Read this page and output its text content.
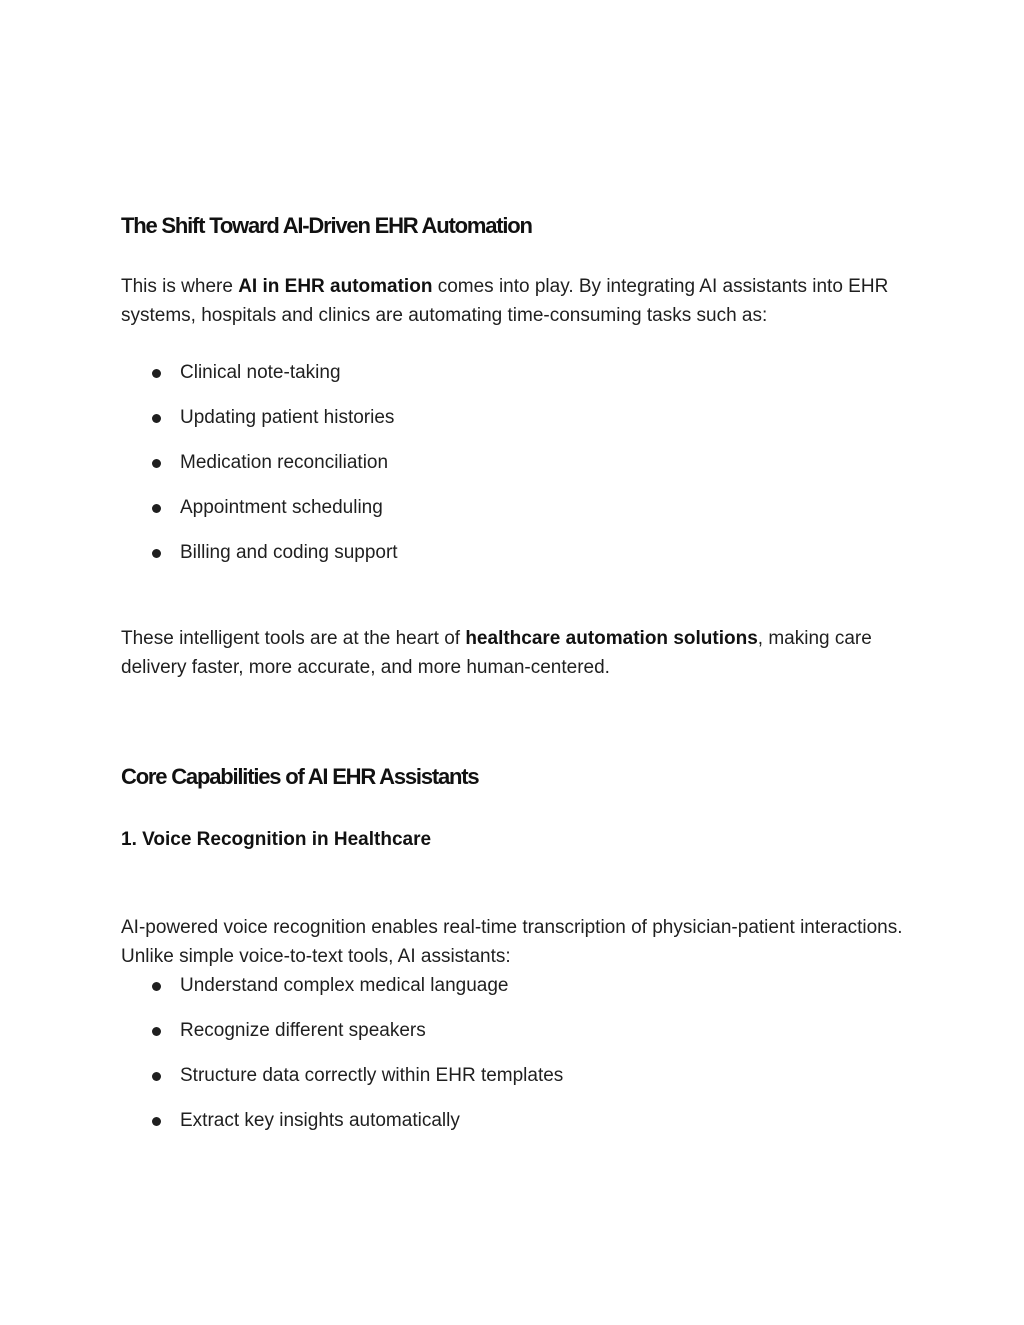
The Shift Toward AI-Driven EHR Automation

This is where AI in EHR automation comes into play. By integrating AI assistants into EHR systems, hospitals and clinics are automating time-consuming tasks such as:

Clinical note-taking
Updating patient histories
Medication reconciliation
Appointment scheduling
Billing and coding support

These intelligent tools are at the heart of healthcare automation solutions, making care delivery faster, more accurate, and more human-centered.

Core Capabilities of AI EHR Assistants
1. Voice Recognition in Healthcare

AI-powered voice recognition enables real-time transcription of physician-patient interactions. Unlike simple voice-to-text tools, AI assistants:

Understand complex medical language
Recognize different speakers
Structure data correctly within EHR templates
Extract key insights automatically
